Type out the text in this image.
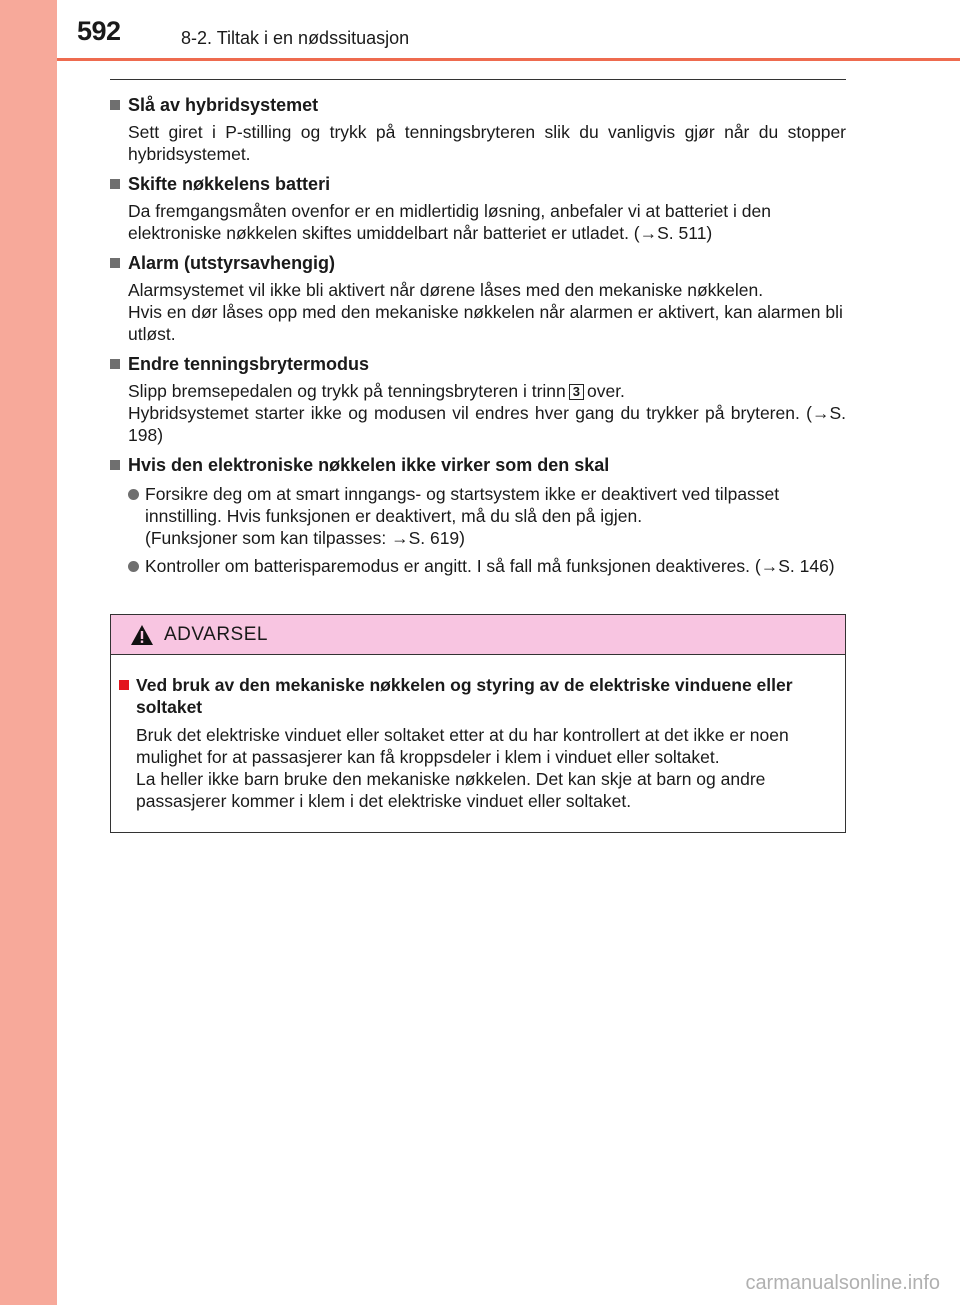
592	8-2. Tiltak i en nødssituasjon
Slå av hybridsystemet

Sett giret i P-stilling og trykk på tenningsbryteren slik du vanligvis gjør når du stopper hybridsystemet.

Skifte nøkkelens batteri

Da fremgangsmåten ovenfor er en midlertidig løsning, anbefaler vi at batteriet i den elektroniske nøkkelen skiftes umiddelbart når batteriet er utladet. (→S. 511)

Alarm (utstyrsavhengig)

Alarmsystemet vil ikke bli aktivert når dørene låses med den mekaniske nøkkelen.

Hvis en dør låses opp med den mekaniske nøkkelen når alarmen er aktivert, kan alarmen bli utløst.

Endre tenningsbrytermodus

Slipp bremsepedalen og trykk på tenningsbryteren i trinn 3 over.

Hybridsystemet starter ikke og modusen vil endres hver gang du trykker på bryteren. (→S. 198)

Hvis den elektroniske nøkkelen ikke virker som den skal

Forsikre deg om at smart inngangs- og startsystem ikke er deaktivert ved tilpasset innstilling. Hvis funksjonen er deaktivert, må du slå den på igjen.

(Funksjoner som kan tilpasses: →S. 619)

Kontroller om batterisparemodus er angitt. I så fall må funksjonen deaktiveres. (→S. 146)

ADVARSEL
Ved bruk av den mekaniske nøkkelen og styring av de elektriske vinduene eller soltaket

Bruk det elektriske vinduet eller soltaket etter at du har kontrollert at det ikke er noen mulighet for at passasjerer kan få kroppsdeler i klem i vinduet eller soltaket.

La heller ikke barn bruke den mekaniske nøkkelen. Det kan skje at barn og andre passasjerer kommer i klem i det elektriske vinduet eller soltaket.

carmanualsonline.info
